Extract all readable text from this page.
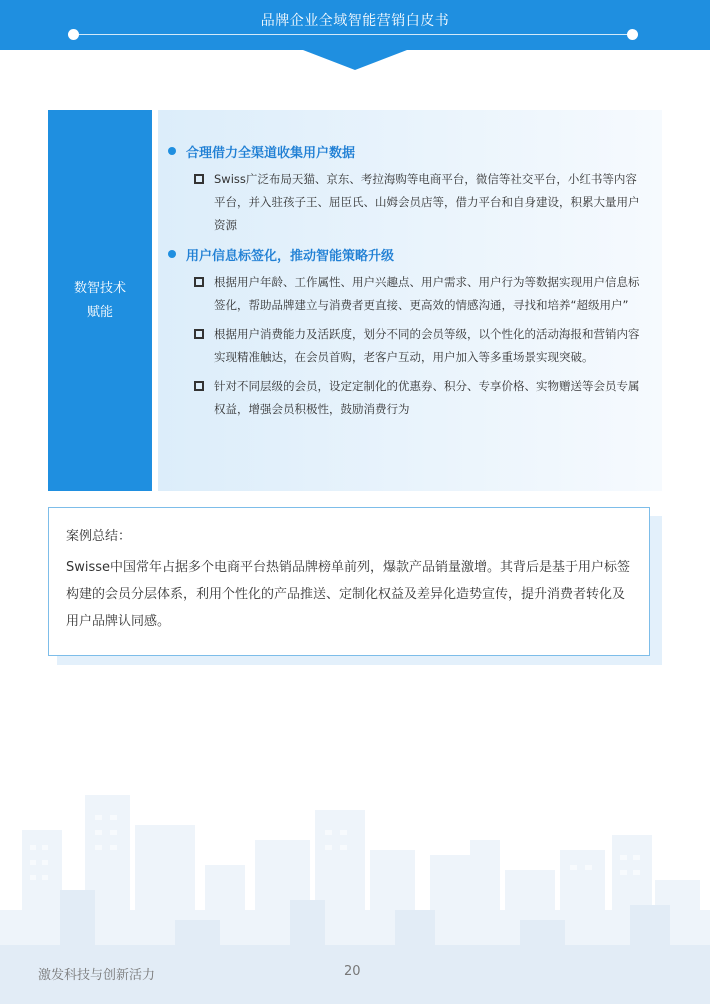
品牌企业全域智能营销白皮书
数智技术
赋能
合理借力全渠道收集用户数据
Swiss广泛布局天猫、京东、考拉海购等电商平台，微信等社交平台，小红书等内容平台，并入驻孩子王、屈臣氏、山姆会员店等，借力平台和自身建设，积累大量用户资源
用户信息标签化，推动智能策略升级
根据用户年龄、工作属性、用户兴趣点、用户需求、用户行为等数据实现用户信息标签化，帮助品牌建立与消费者更直接、更高效的情感沟通，寻找和培养“超级用户”
根据用户消费能力及活跃度，划分不同的会员等级，以个性化的活动海报和营销内容实现精准触达，在会员首购，老客户互动，用户加入等多重场景实现突破。
针对不同层级的会员，设定定制化的优惠券、积分、专享价格、实物赠送等会员专属权益，增强会员积极性，鼓励消费行为
案例总结：
Swisse中国常年占据多个电商平台热销品牌榜单前列，爆款产品销量激增。其背后是基于用户标签构建的会员分层体系，利用个性化的产品推送、定制化权益及差异化造势宣传，提升消费者转化及用户品牌认同感。
激发科技与创新活力	20
